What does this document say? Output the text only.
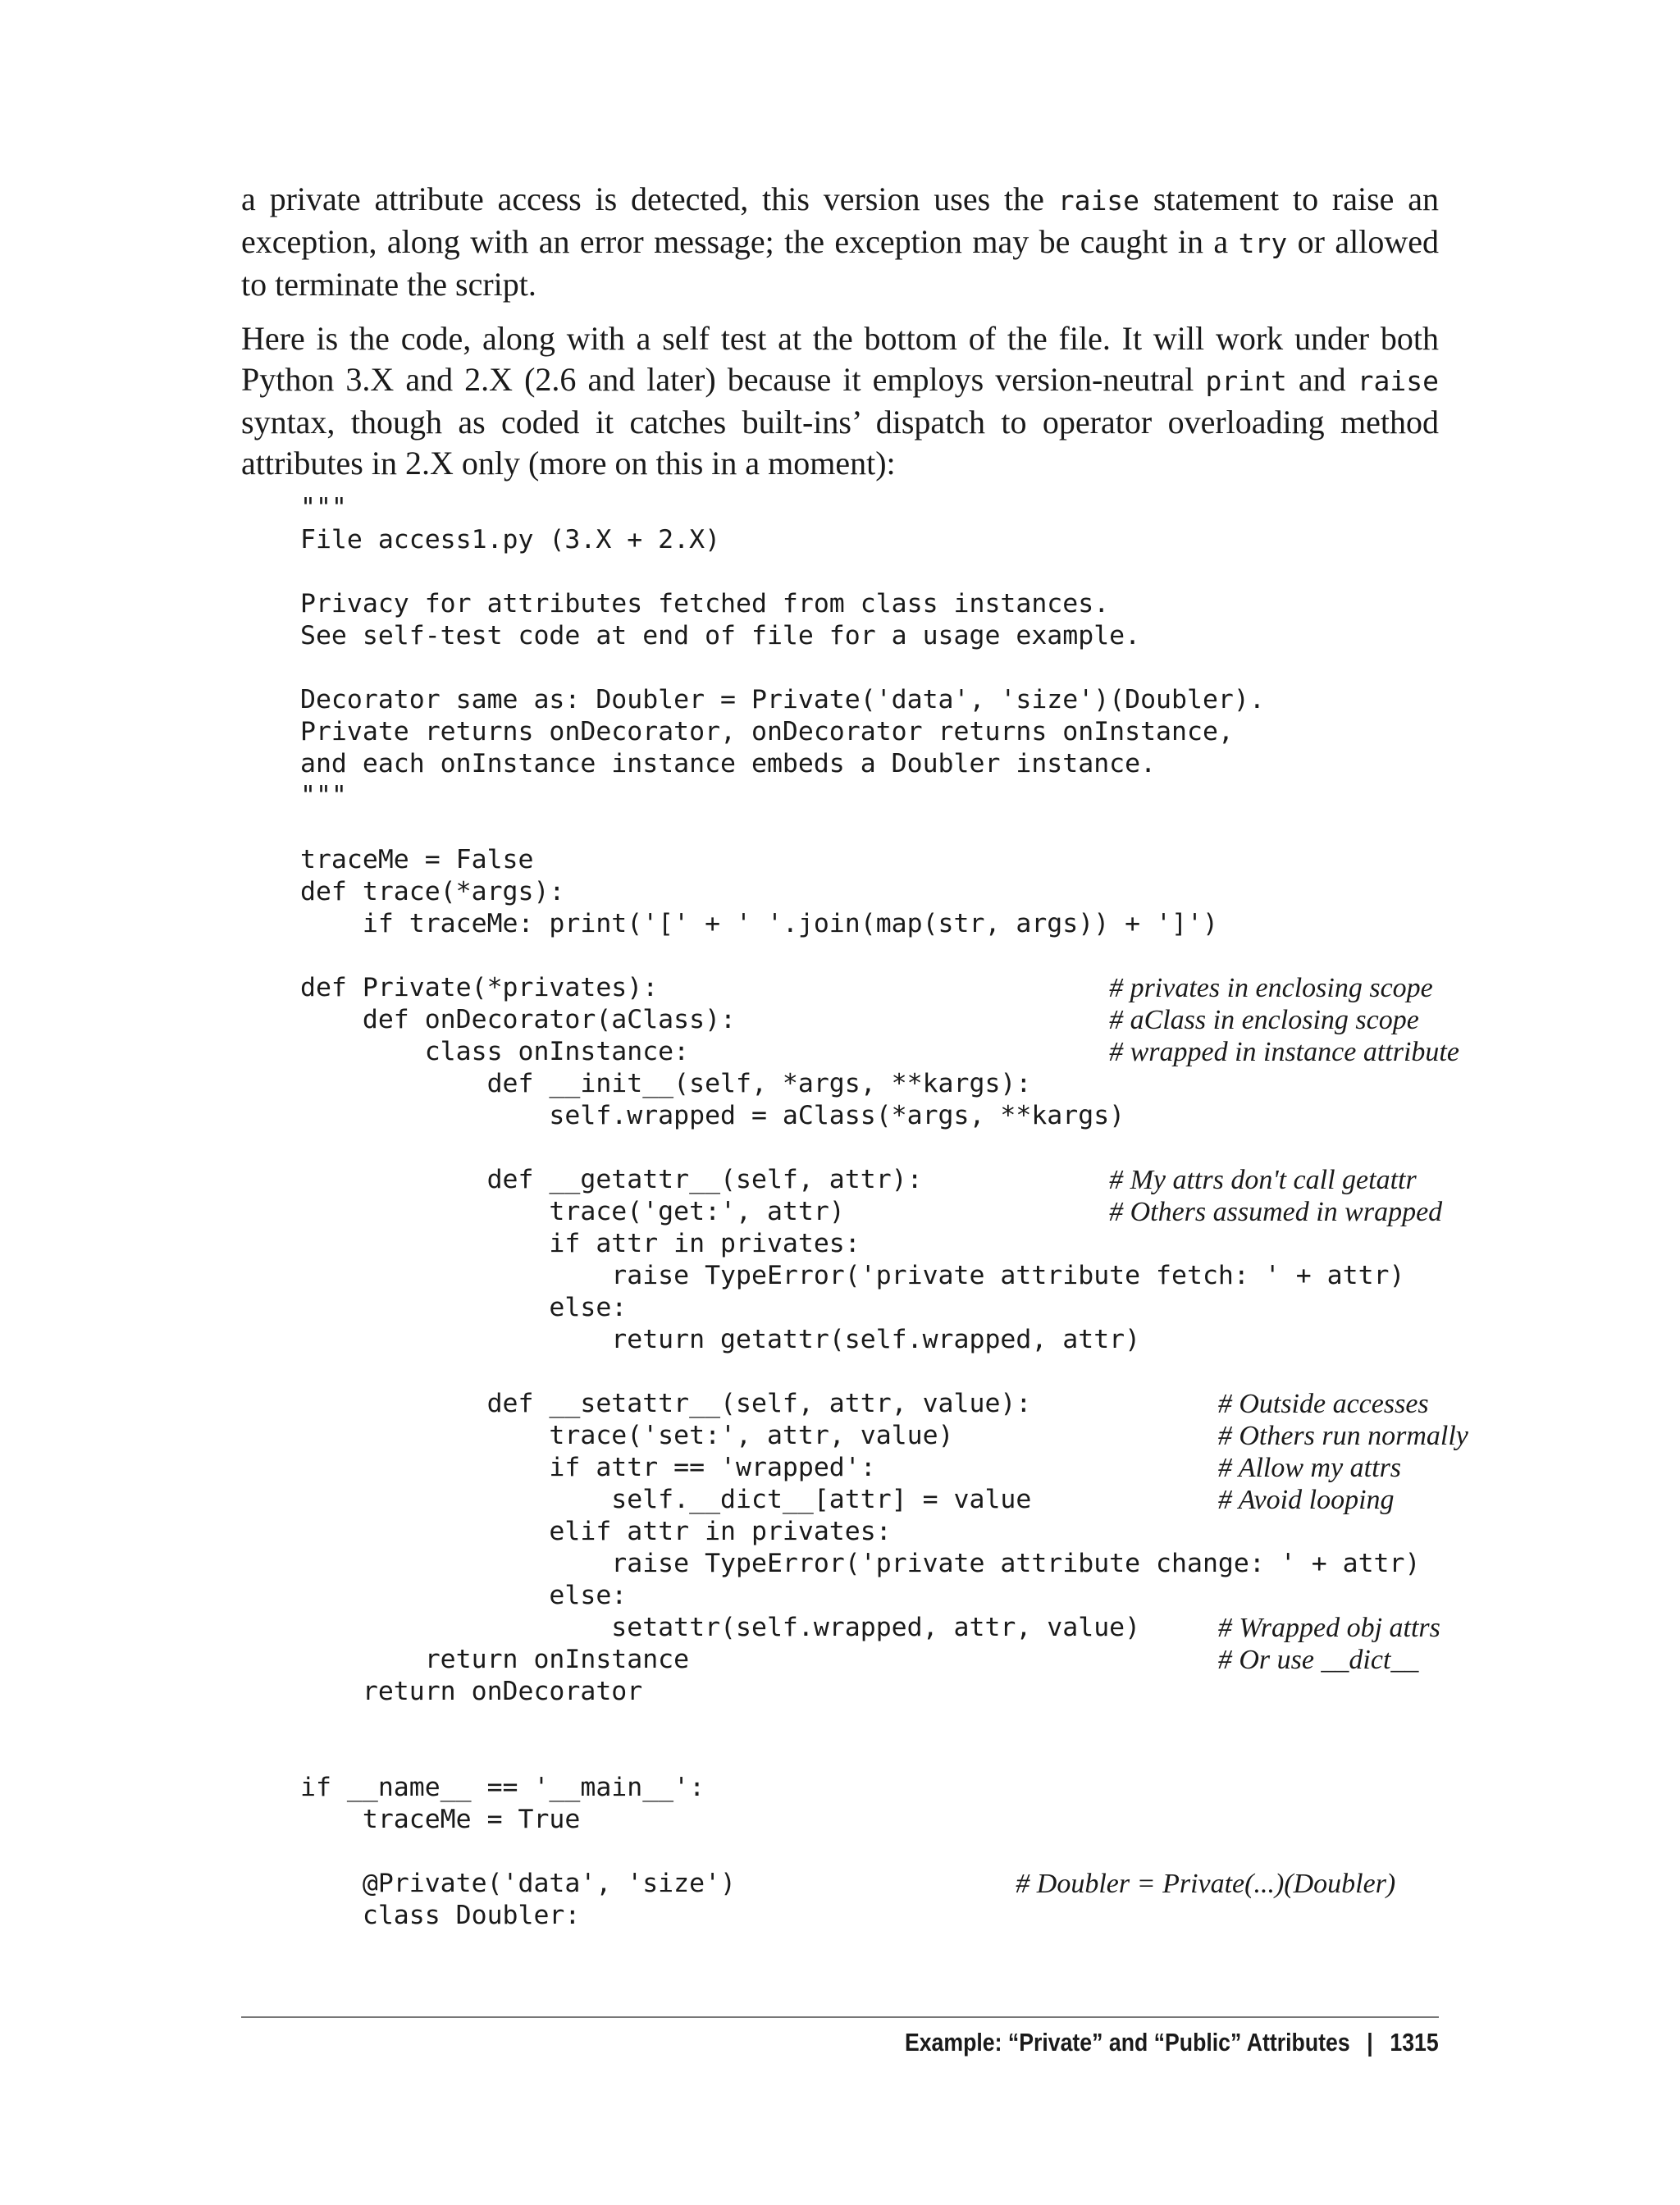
a private attribute access is detected, this version uses the raise statement to raise an exception, along with an error message; the exception may be caught in a try or allowed to terminate the script.

Here is the code, along with a self test at the bottom of the file. It will work under both Python 3.X and 2.X (2.6 and later) because it employs version-neutral print and raise syntax, though as coded it catches built-ins’ dispatch to operator overloading method attributes in 2.X only (more on this in a moment):

"""
File access1.py (3.X + 2.X)
Privacy for attributes fetched from class instances.
See self-test code at end of file for a usage example.
Decorator same as: Doubler = Private('data', 'size')(Doubler).
Private returns onDecorator, onDecorator returns onInstance,
and each onInstance instance embeds a Doubler instance.
"""
traceMe = False
def trace(*args):
if traceMe: print('[' + ' '.join(map(str, args)) + ']')
def Private(*privates):	# privates in enclosing scope
def onDecorator(aClass):	# aClass in enclosing scope
class onInstance:	# wrapped in instance attribute
def __init__(self, *args, **kargs):
self.wrapped = aClass(*args, **kargs)
def __getattr__(self, attr):	# My attrs don't call getattr
trace('get:', attr)	# Others assumed in wrapped
if attr in privates:
raise TypeError('private attribute fetch: ' + attr)
else:
return getattr(self.wrapped, attr)
def __setattr__(self, attr, value):	# Outside accesses
trace('set:', attr, value)	# Others run normally
if attr == 'wrapped':	# Allow my attrs
self.__dict__[attr] = value	# Avoid looping
elif attr in privates:
raise TypeError('private attribute change: ' + attr)
else:
setattr(self.wrapped, attr, value)	# Wrapped obj attrs
return onInstance	# Or use __dict__
return onDecorator
if __name__ == '__main__':
traceMe = True
@Private('data', 'size')	# Doubler = Private(...)(Doubler)
class Doubler:
Example: “Private” and “Public” Attributes | 1315
